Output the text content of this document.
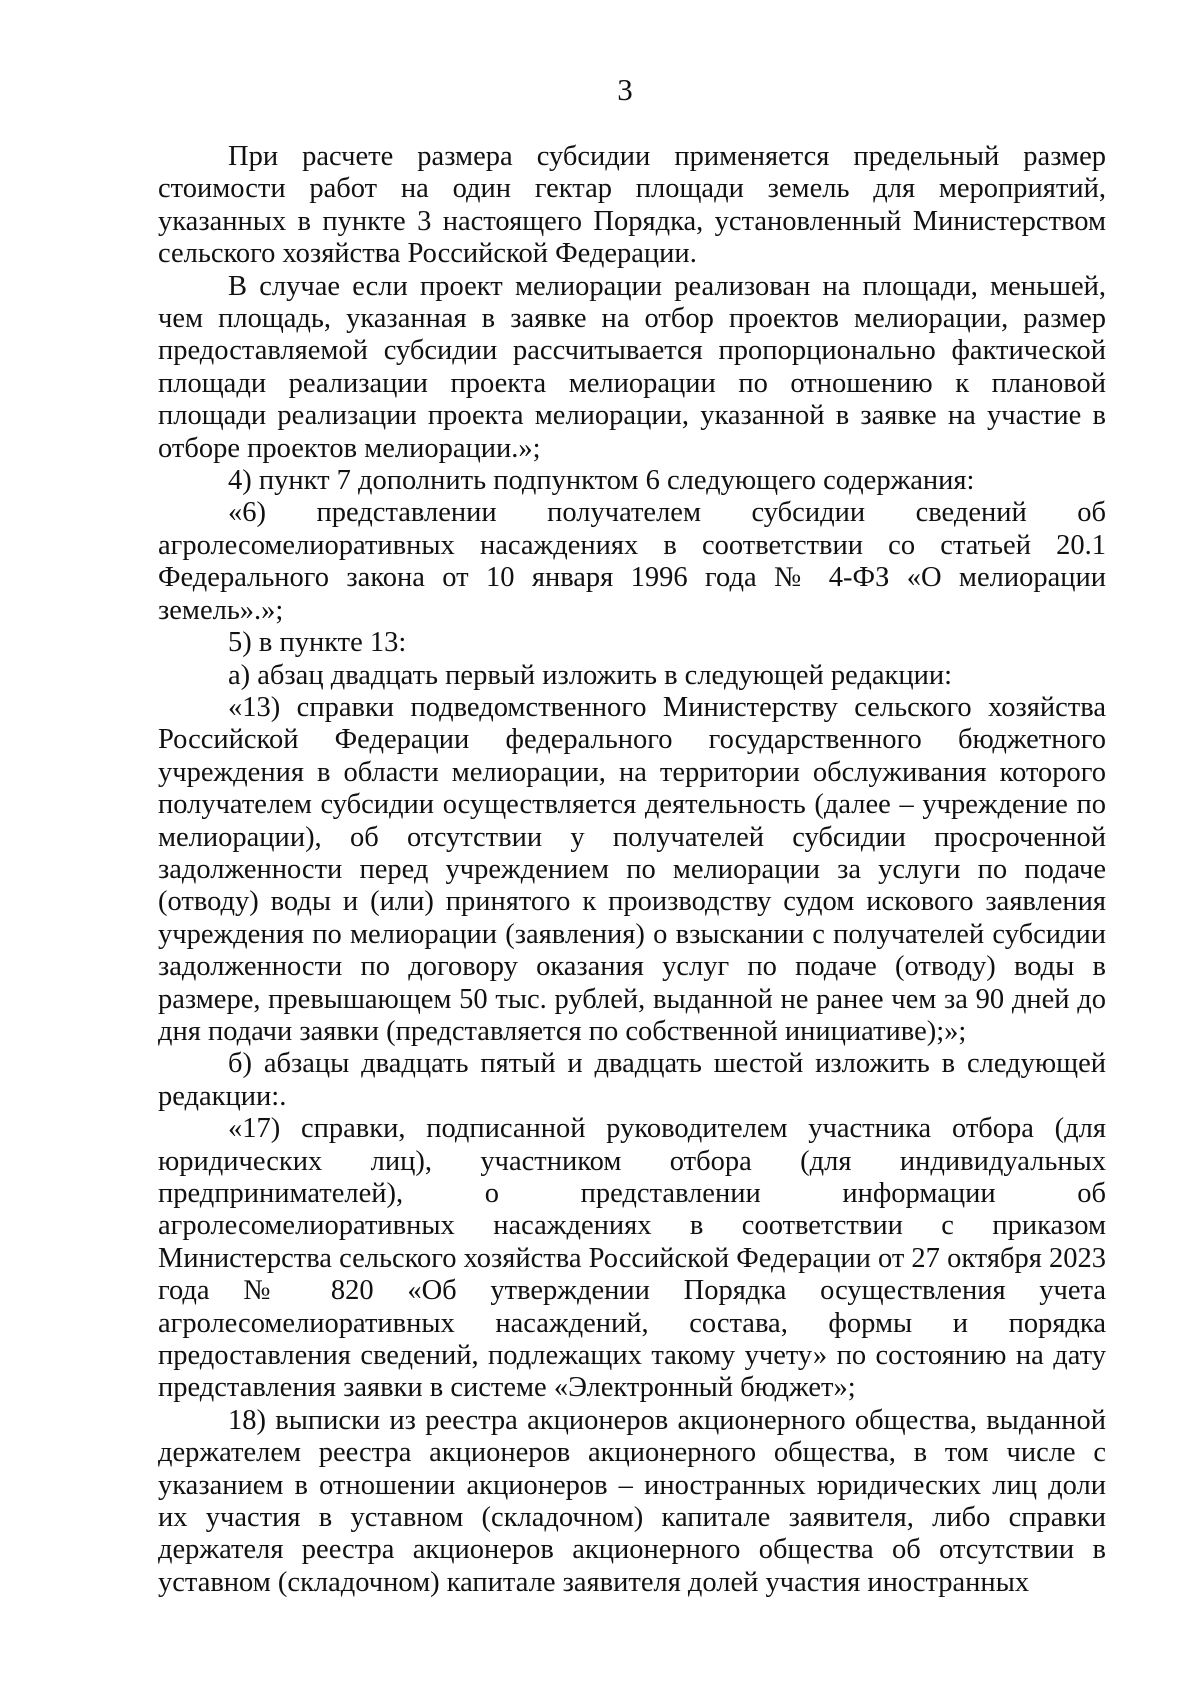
3

При расчете размера субсидии применяется предельный размер стоимости работ на один гектар площади земель для мероприятий, указанных в пункте 3 настоящего Порядка, установленный Министерством сельского хозяйства Российской Федерации.

В случае если проект мелиорации реализован на площади, меньшей, чем площадь, указанная в заявке на отбор проектов мелиорации, размер предоставляемой субсидии рассчитывается пропорционально фактической площади реализации проекта мелиорации по отношению к плановой площади реализации проекта мелиорации, указанной в заявке на участие в отборе проектов мелиорации.»;

4) пункт 7 дополнить подпунктом 6 следующего содержания:

«6) представлении получателем субсидии сведений об агролесомелиоративных насаждениях в соответствии со статьей 20.1 Федерального закона от 10 января 1996 года № 4-ФЗ «О мелиорации земель».»;

5) в пункте 13:

а) абзац двадцать первый изложить в следующей редакции:

«13) справки подведомственного Министерству сельского хозяйства Российской Федерации федерального государственного бюджетного учреждения в области мелиорации, на территории обслуживания которого получателем субсидии осуществляется деятельность (далее – учреждение по мелиорации), об отсутствии у получателей субсидии просроченной задолженности перед учреждением по мелиорации за услуги по подаче (отводу) воды и (или) принятого к производству судом искового заявления учреждения по мелиорации (заявления) о взыскании с получателей субсидии задолженности по договору оказания услуг по подаче (отводу) воды в размере, превышающем 50 тыс. рублей, выданной не ранее чем за 90 дней до дня подачи заявки (представляется по собственной инициативе);»;

б) абзацы двадцать пятый и двадцать шестой изложить в следующей редакции:.

«17) справки, подписанной руководителем участника отбора (для юридических лиц), участником отбора (для индивидуальных предпринимателей), о представлении информации об агролесомелиоративных насаждениях в соответствии с приказом Министерства сельского хозяйства Российской Федерации от 27 октября 2023 года № 820 «Об утверждении Порядка осуществления учета агролесомелиоративных насаждений, состава, формы и порядка предоставления сведений, подлежащих такому учету» по состоянию на дату представления заявки в системе «Электронный бюджет»;

18) выписки из реестра акционеров акционерного общества, выданной держателем реестра акционеров акционерного общества, в том числе с указанием в отношении акционеров – иностранных юридических лиц доли их участия в уставном (складочном) капитале заявителя, либо справки держателя реестра акционеров акционерного общества об отсутствии в уставном (складочном) капитале заявителя долей участия иностранных
